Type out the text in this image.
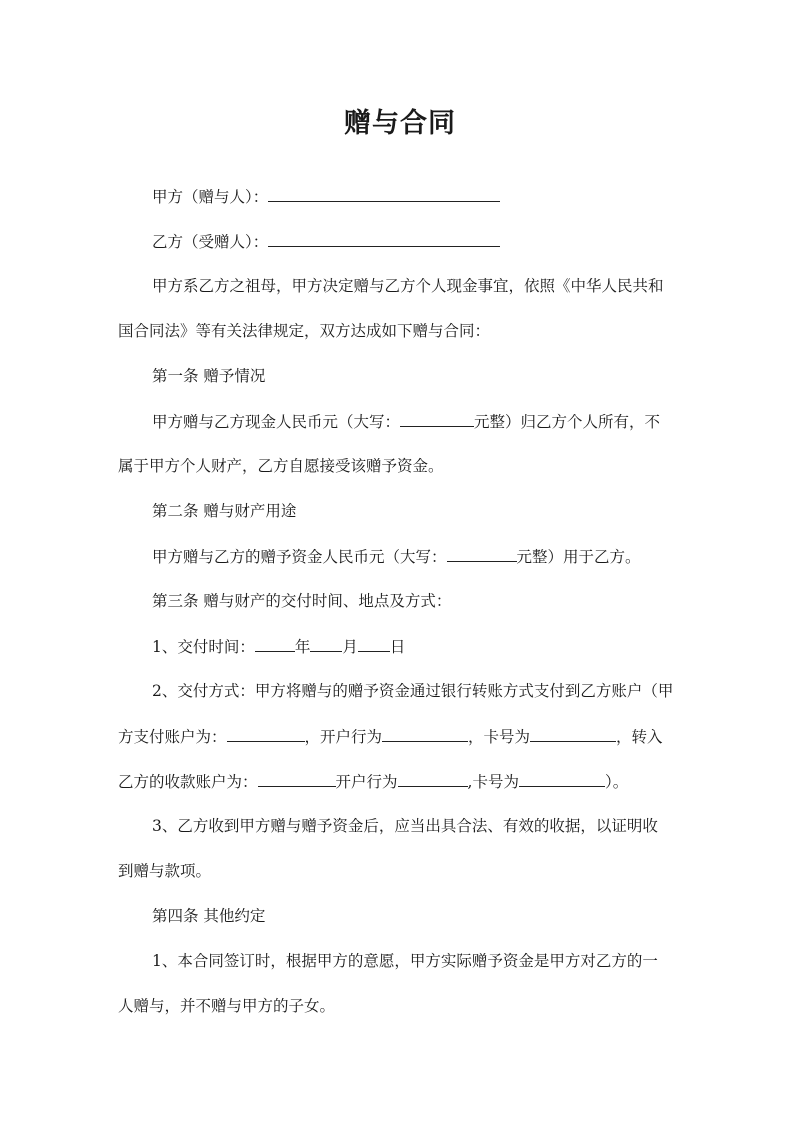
赠与合同
甲方（赠与人）：
乙方（受赠人）：
甲方系乙方之祖母，甲方决定赠与乙方个人现金事宜，依照《中华人民共和
国合同法》等有关法律规定，双方达成如下赠与合同：
第一条 赠予情况
甲方赠与乙方现金人民币元（大写：	元整）归乙方个人所有，不
属于甲方个人财产，乙方自愿接受该赠予资金。
第二条 赠与财产用途
甲方赠与乙方的赠予资金人民币元（大写：	元整）用于乙方。
第三条 赠与财产的交付时间、地点及方式：
1、交付时间：	年 月 日
2、交付方式：甲方将赠与的赠予资金通过银行转账方式支付到乙方账户（甲
方支付账户为：	，开户行为	，卡号为	，转入
乙方的收款账户为：	开户行为	,卡号为	）。
3、乙方收到甲方赠与赠予资金后，应当出具合法、有效的收据，以证明收
到赠与款项。
第四条 其他约定
1、本合同签订时，根据甲方的意愿，甲方实际赠予资金是甲方对乙方的一
人赠与，并不赠与甲方的子女。
